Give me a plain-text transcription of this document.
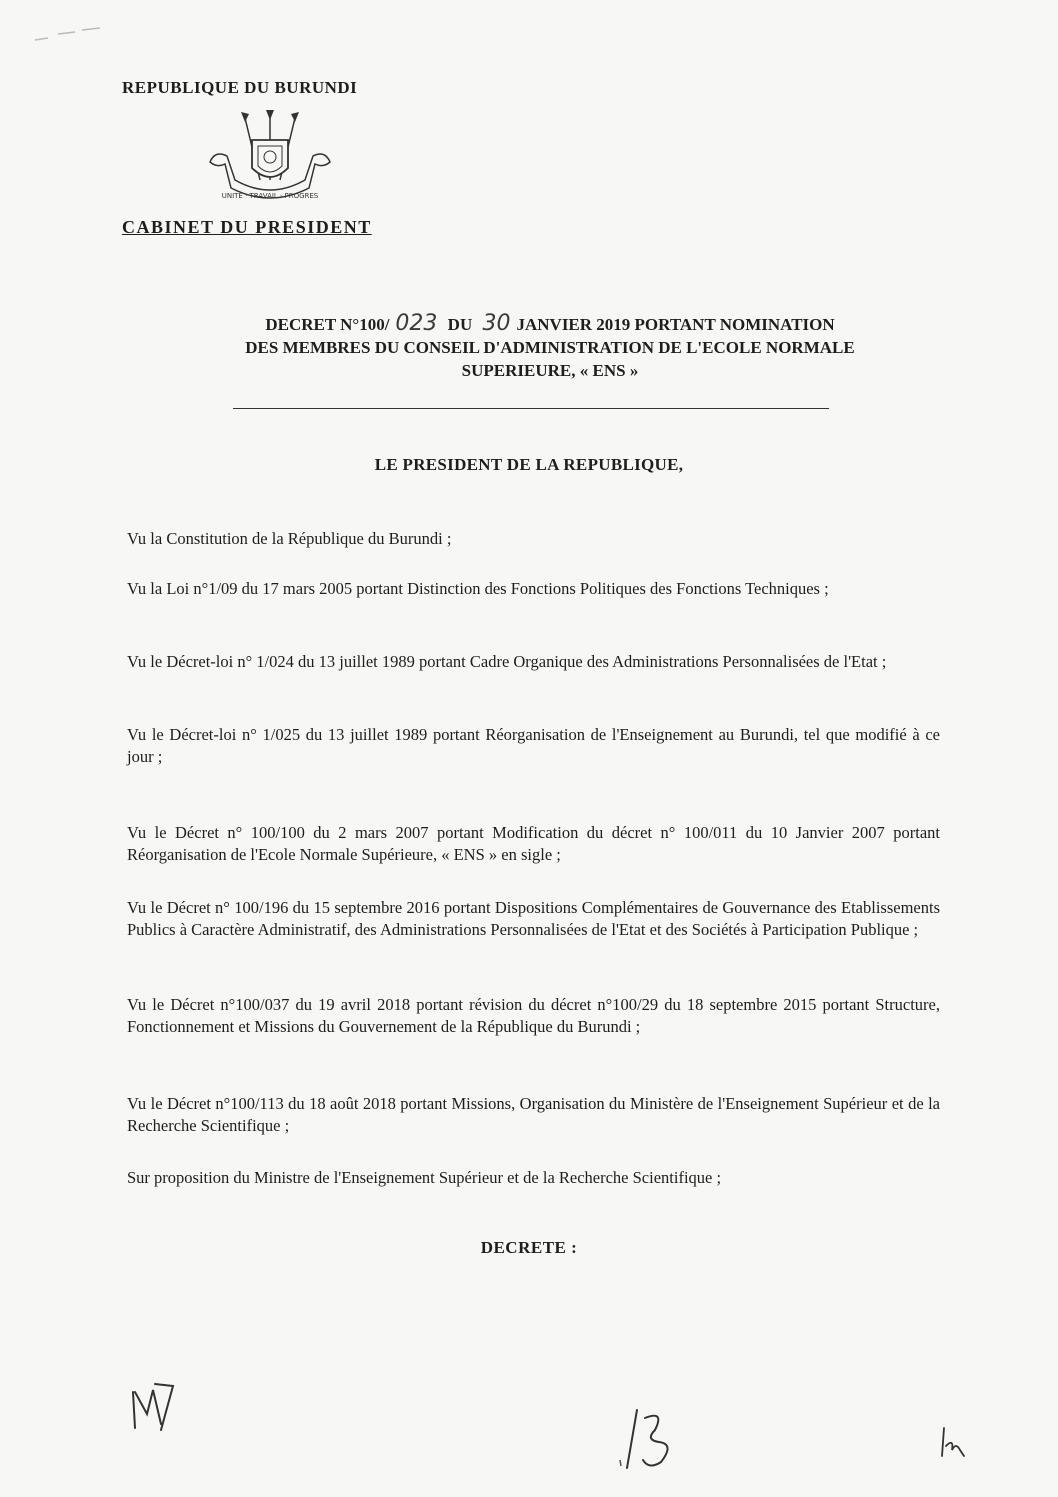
REPUBLIQUE DU BURUNDI
UNITE · TRAVAIL · PROGRES
CABINET DU PRESIDENT
DECRET N°100/ 023 DU 30 JANVIER 2019 PORTANT NOMINATION
DES MEMBRES DU CONSEIL D'ADMINISTRATION DE L'ECOLE NORMALE
SUPERIEURE, « ENS »
LE PRESIDENT DE LA REPUBLIQUE,
Vu la Constitution de la République du Burundi ;
Vu la Loi n°1/09 du 17 mars 2005 portant Distinction des Fonctions Politiques des Fonctions Techniques ;
Vu le Décret-loi n° 1/024 du 13 juillet 1989 portant Cadre Organique des Administrations Personnalisées de l'Etat ;
Vu le Décret-loi n° 1/025 du 13 juillet 1989 portant Réorganisation de l'Enseignement au Burundi, tel que modifié à ce jour ;
Vu le Décret n° 100/100 du 2 mars 2007 portant Modification du décret n° 100/011 du 10 Janvier 2007 portant Réorganisation de l'Ecole Normale Supérieure, « ENS » en sigle ;
Vu le Décret n° 100/196 du 15 septembre 2016 portant Dispositions Complémentaires de Gouvernance des Etablissements Publics à Caractère Administratif, des Administrations Personnalisées de l'Etat et des Sociétés à Participation Publique ;
Vu le Décret n°100/037 du 19 avril 2018 portant révision du décret n°100/29 du 18 septembre 2015 portant Structure, Fonctionnement et Missions du Gouvernement de la République du Burundi ;
Vu le Décret n°100/113 du 18 août 2018 portant Missions, Organisation du Ministère de l'Enseignement Supérieur et de la Recherche Scientifique ;
Sur proposition du Ministre de l'Enseignement Supérieur et de la Recherche Scientifique ;
DECRETE :
